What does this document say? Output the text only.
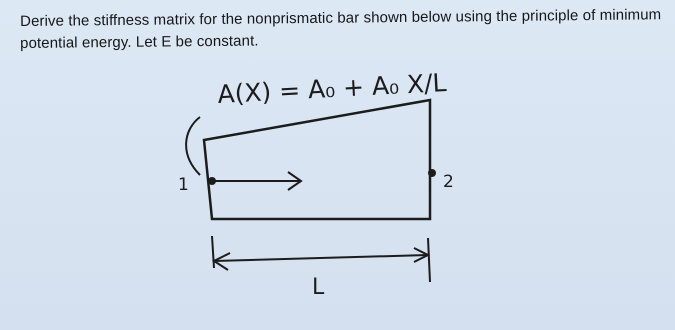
Derive the stiffness matrix for the nonprismatic bar shown below using the principle of minimum
potential energy. Let E be constant.
A(X) = A₀ + A₀ X/L
1	2
L
